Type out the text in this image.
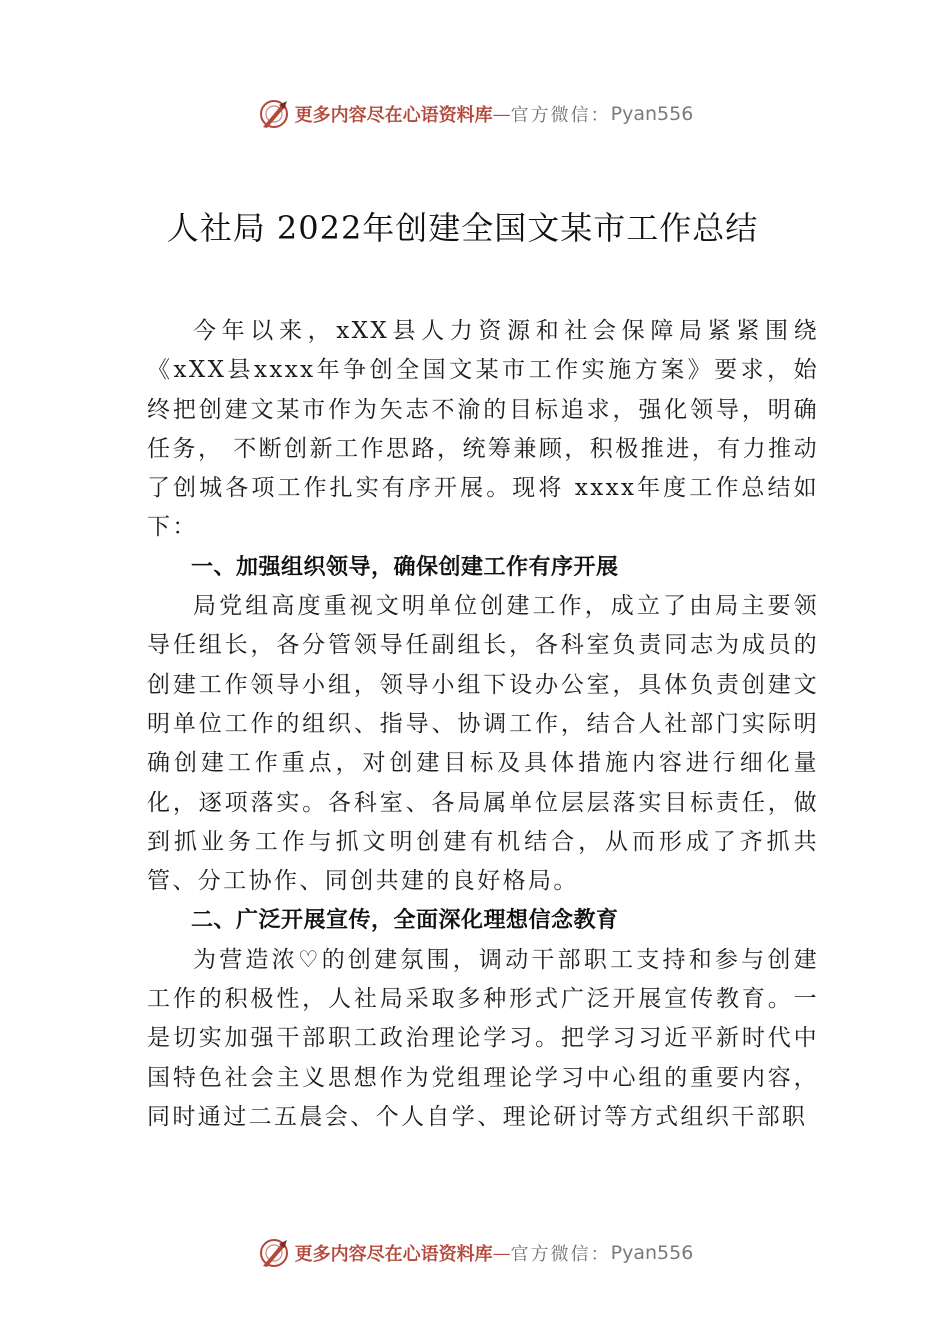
更多内容尽在心语资料库 — 官方微信： Pyan556
人社局 2022年创建全国文某市工作总结

今年以来，xXX县人力资源和社会保障局紧紧围绕《xXX县xxxx年争创全国文某市工作实施方案》要求，始终把创建文某市作为矢志不渝的目标追求，强化领导，明确任务， 不断创新工作思路，统筹兼顾，积极推进，有力推动了创城各项工作扎实有序开展。现将 xxxx年度工作总结如下：

一、加强组织领导，确保创建工作有序开展

局党组高度重视文明单位创建工作，成立了由局主要领导任组长，各分管领导任副组长，各科室负责同志为成员的创建工作领导小组，领导小组下设办公室，具体负责创建文明单位工作的组织、指导、协调工作，结合人社部门实际明确创建工作重点，对创建目标及具体措施内容进行细化量化，逐项落实。各科室、各局属单位层层落实目标责任，做到抓业务工作与抓文明创建有机结合，从而形成了齐抓共管、分工协作、同创共建的良好格局。

二、广泛开展宣传，全面深化理想信念教育

为营造浓♡的创建氛围，调动干部职工支持和参与创建工作的积极性，人社局采取多种形式广泛开展宣传教育。一是切实加强干部职工政治理论学习。把学习习近平新时代中国特色社会主义思想作为党组理论学习中心组的重要内容， 同时通过二五晨会、个人自学、理论研讨等方式组织干部职

更多内容尽在心语资料库 — 官方微信： Pyan556
